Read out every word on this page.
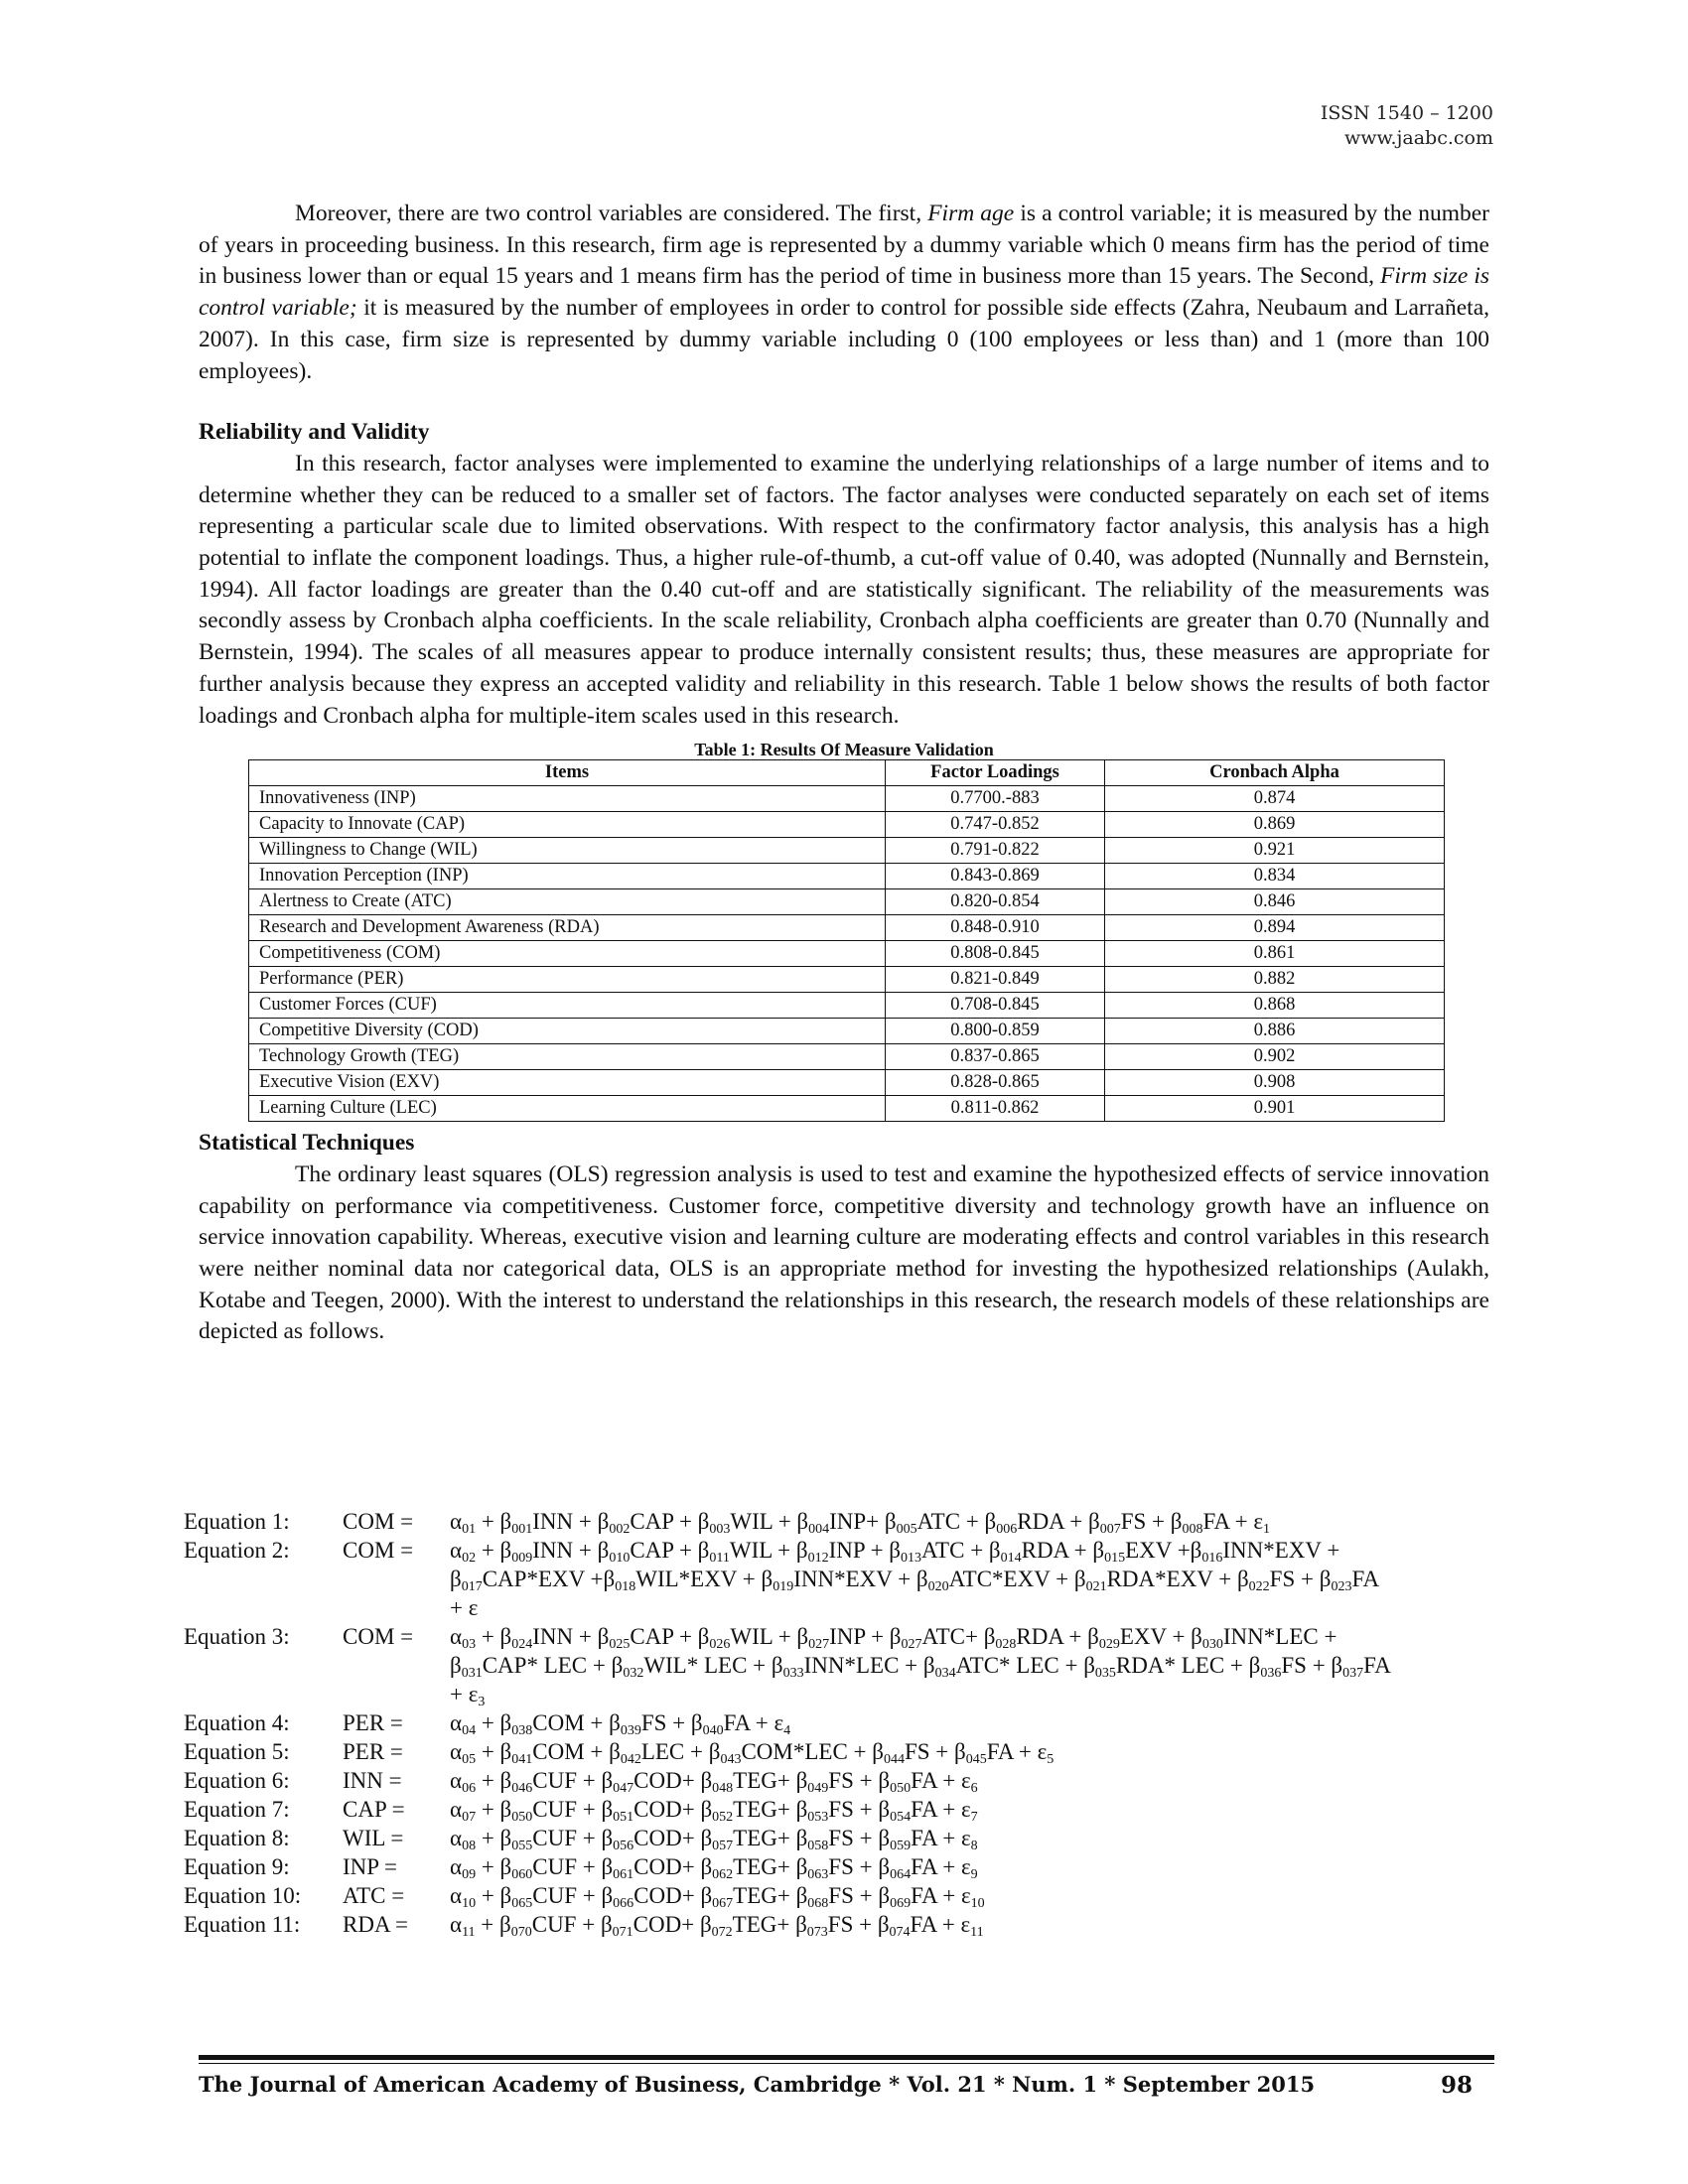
ISSN 1540 – 1200
www.jaabc.com

Moreover, there are two control variables are considered. The first, Firm age is a control variable; it is measured by the number of years in proceeding business. In this research, firm age is represented by a dummy variable which 0 means firm has the period of time in business lower than or equal 15 years and 1 means firm has the period of time in business more than 15 years. The Second, Firm size is control variable; it is measured by the number of employees in order to control for possible side effects (Zahra, Neubaum and Larrañeta, 2007). In this case, firm size is represented by dummy variable including 0 (100 employees or less than) and 1 (more than 100 employees).

Reliability and Validity

In this research, factor analyses were implemented to examine the underlying relationships of a large number of items and to determine whether they can be reduced to a smaller set of factors. The factor analyses were conducted separately on each set of items representing a particular scale due to limited observations. With respect to the confirmatory factor analysis, this analysis has a high potential to inflate the component loadings. Thus, a higher rule-of-thumb, a cut-off value of 0.40, was adopted (Nunnally and Bernstein, 1994). All factor loadings are greater than the 0.40 cut-off and are statistically significant. The reliability of the measurements was secondly assess by Cronbach alpha coefficients. In the scale reliability, Cronbach alpha coefficients are greater than 0.70 (Nunnally and Bernstein, 1994). The scales of all measures appear to produce internally consistent results; thus, these measures are appropriate for further analysis because they express an accepted validity and reliability in this research. Table 1 below shows the results of both factor loadings and Cronbach alpha for multiple-item scales used in this research.

Table 1: Results Of Measure Validation
Items	Factor Loadings	Cronbach Alpha
Innovativeness (INP)	0.7700.-883	0.874
Capacity to Innovate (CAP)	0.747-0.852	0.869
Willingness to Change (WIL)	0.791-0.822	0.921
Innovation Perception (INP)	0.843-0.869	0.834
Alertness to Create (ATC)	0.820-0.854	0.846
Research and Development Awareness (RDA)	0.848-0.910	0.894
Competitiveness (COM)	0.808-0.845	0.861
Performance (PER)	0.821-0.849	0.882
Customer Forces (CUF)	0.708-0.845	0.868
Competitive Diversity (COD)	0.800-0.859	0.886
Technology Growth (TEG)	0.837-0.865	0.902
Executive Vision (EXV)	0.828-0.865	0.908
Learning Culture (LEC)	0.811-0.862	0.901
Statistical Techniques

The ordinary least squares (OLS) regression analysis is used to test and examine the hypothesized effects of service innovation capability on performance via competitiveness. Customer force, competitive diversity and technology growth have an influence on service innovation capability. Whereas, executive vision and learning culture are moderating effects and control variables in this research were neither nominal data nor categorical data, OLS is an appropriate method for investing the hypothesized relationships (Aulakh, Kotabe and Teegen, 2000). With the interest to understand the relationships in this research, the research models of these relationships are depicted as follows.

Equation 1:	COM =	$\alpha_{01} + \beta_{001}INN + \beta_{002}CAP + \beta_{003}WIL + \beta_{004}INP+ \beta_{005}ATC + \beta_{006}RDA + \beta_{007}FS + \beta_{008}FA + \varepsilon_1$
Equation 2:	COM =	$\alpha_{02} + \beta_{009}INN + \beta_{010}CAP + \beta_{011}WIL + \beta_{012}INP + \beta_{013}ATC + \beta_{014}RDA + \beta_{015}EXV +\beta_{016}INN*EXV$ +
$\beta_{017}CAP*EXV +\beta_{018}WIL*EXV + \beta_{019}INN*EXV + \beta_{020}ATC*EXV + \beta_{021}RDA*EXV + \beta_{022}FS + \beta_{023}FA$
+ ε
Equation 3:	COM =	$\alpha_{03} + \beta_{024}INN + \beta_{025}CAP + \beta_{026}WIL + \beta_{027}INP + \beta_{027}ATC+ \beta_{028}RDA + \beta_{029}EXV + \beta_{030}INN*LEC$ +
$\beta_{031}CAP*$ LEC + $\beta_{032}WIL*$ LEC + $\beta_{033}INN*LEC + \beta_{034}ATC*$ LEC + $\beta_{035}RDA*$ LEC + $\beta_{036}FS + \beta_{037}FA$
+ $\varepsilon_3$
Equation 4:	PER =	$\alpha_{04} + \beta_{038}COM + \beta_{039}FS + \beta_{040}FA + \varepsilon_4$
Equation 5:	PER =	$\alpha_{05} + \beta_{041}COM + \beta_{042}LEC + \beta_{043}COM*LEC + \beta_{044}FS + \beta_{045}FA + \varepsilon_5$
Equation 6:	INN =	$\alpha_{06} + \beta_{046}CUF + \beta_{047}COD+ \beta_{048}TEG+ \beta_{049}FS + \beta_{050}FA + \varepsilon_6$
Equation 7:	CAP =	$\alpha_{07} + \beta_{050}CUF + \beta_{051}COD+ \beta_{052}TEG+ \beta_{053}FS + \beta_{054}FA + \varepsilon_7$
Equation 8:	WIL =	$\alpha_{08} + \beta_{055}CUF + \beta_{056}COD+ \beta_{057}TEG+ \beta_{058}FS + \beta_{059}FA + \varepsilon_8$
Equation 9:	INP =	$\alpha_{09} + \beta_{060}CUF + \beta_{061}COD+ \beta_{062}TEG+ \beta_{063}FS + \beta_{064}FA + \varepsilon_9$
Equation 10:	ATC =	$\alpha_{10} + \beta_{065}CUF + \beta_{066}COD+ \beta_{067}TEG+ \beta_{068}FS + \beta_{069}FA + \varepsilon_{10}$
Equation 11:	RDA =	$\alpha_{11} + \beta_{070}CUF + \beta_{071}COD+ \beta_{072}TEG+ \beta_{073}FS + \beta_{074}FA + \varepsilon_{11}$
The Journal of American Academy of Business, Cambridge * Vol. 21 * Num. 1 * September 2015	98
